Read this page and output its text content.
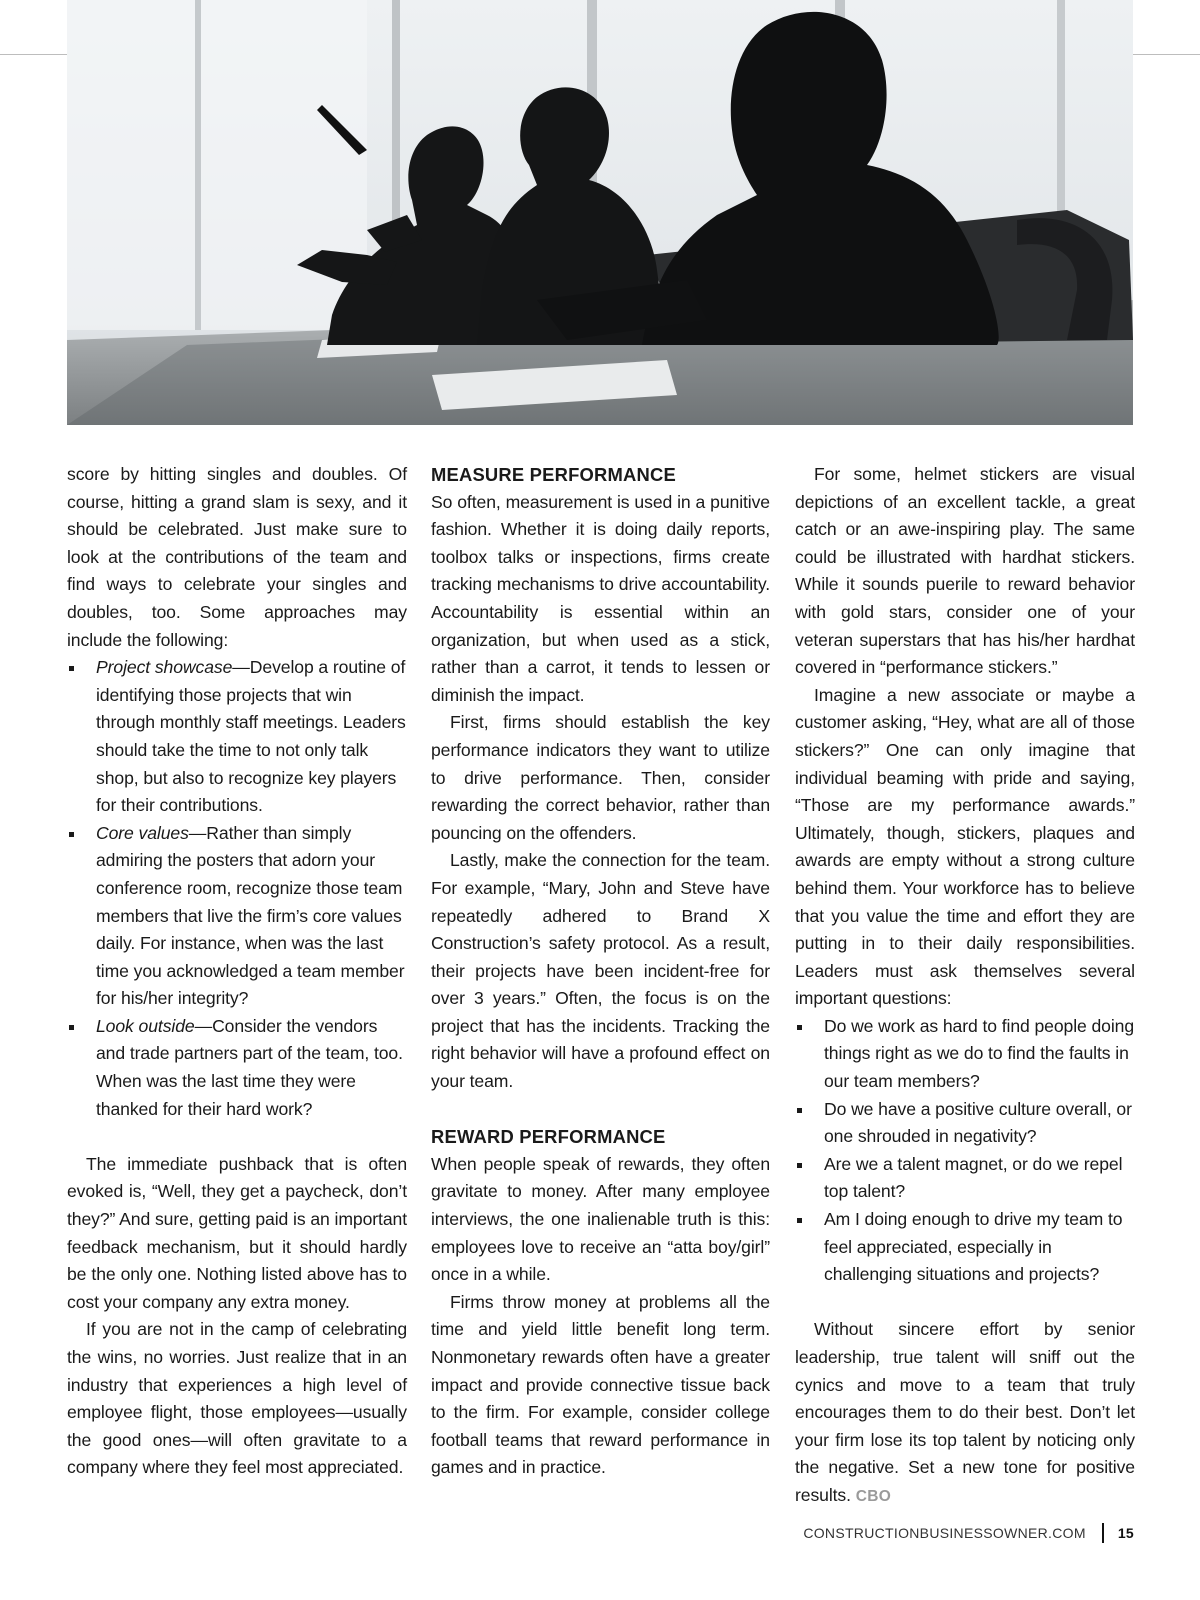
score by hitting singles and doubles. Of course, hitting a grand slam is sexy, and it should be celebrated. Just make sure to look at the contributions of the team and find ways to celebrate your singles and doubles, too. Some approaches may include the following:

Project showcase—Develop a routine of identifying those projects that win through monthly staff meetings. Leaders should take the time to not only talk shop, but also to recognize key players for their contributions.
Core values—Rather than simply admiring the posters that adorn your conference room, recognize those team members that live the firm’s core values daily. For instance, when was the last time you acknowledged a team member for his/her integrity?
Look outside—Consider the vendors and trade partners part of the team, too. When was the last time they were thanked for their hard work?

The immediate pushback that is often evoked is, “Well, they get a paycheck, don’t they?” And sure, getting paid is an important feedback mechanism, but it should hardly be the only one. Nothing listed above has to cost your company any extra money.

If you are not in the camp of celebrating the wins, no worries. Just realize that in an industry that experiences a high level of employee flight, those employees—usually the good ones—will often gravitate to a company where they feel most appreciated.

MEASURE PERFORMANCE

So often, measurement is used in a punitive fashion. Whether it is doing daily reports, toolbox talks or inspections, firms create tracking mechanisms to drive accountability. Accountability is essential within an organization, but when used as a stick, rather than a carrot, it tends to lessen or diminish the impact.

First, firms should establish the key performance indicators they want to utilize to drive performance. Then, consider rewarding the correct behavior, rather than pouncing on the offenders.

Lastly, make the connection for the team. For example, “Mary, John and Steve have repeatedly adhered to Brand X Construction’s safety protocol. As a result, their projects have been incident-free for over 3 years.” Often, the focus is on the project that has the incidents. Tracking the right behavior will have a profound effect on your team.

REWARD PERFORMANCE

When people speak of rewards, they often gravitate to money. After many employee interviews, the one inalienable truth is this: employees love to receive an “atta boy/girl” once in a while.

Firms throw money at problems all the time and yield little benefit long term. Nonmonetary rewards often have a greater impact and provide connective tissue back to the firm. For example, consider college football teams that reward performance in games and in practice.

For some, helmet stickers are visual depictions of an excellent tackle, a great catch or an awe-inspiring play. The same could be illustrated with hardhat stickers. While it sounds puerile to reward behavior with gold stars, consider one of your veteran superstars that has his/her hardhat covered in “performance stickers.”

Imagine a new associate or maybe a customer asking, “Hey, what are all of those stickers?” One can only imagine that individual beaming with pride and saying, “Those are my performance awards.” Ultimately, though, stickers, plaques and awards are empty without a strong culture behind them. Your workforce has to believe that you value the time and effort they are putting in to their daily responsibilities. Leaders must ask themselves several important questions:

Do we work as hard to find people doing things right as we do to find the faults in our team members?
Do we have a positive culture overall, or one shrouded in negativity?
Are we a talent magnet, or do we repel top talent?
Am I doing enough to drive my team to feel appreciated, especially in challenging situations and projects?

Without sincere effort by senior leadership, true talent will sniff out the cynics and move to a team that truly encourages them to do their best. Don’t let your firm lose its top talent by noticing only the negative. Set a new tone for positive results. CBO

CONSTRUCTIONBUSINESSOWNER.COM 15
